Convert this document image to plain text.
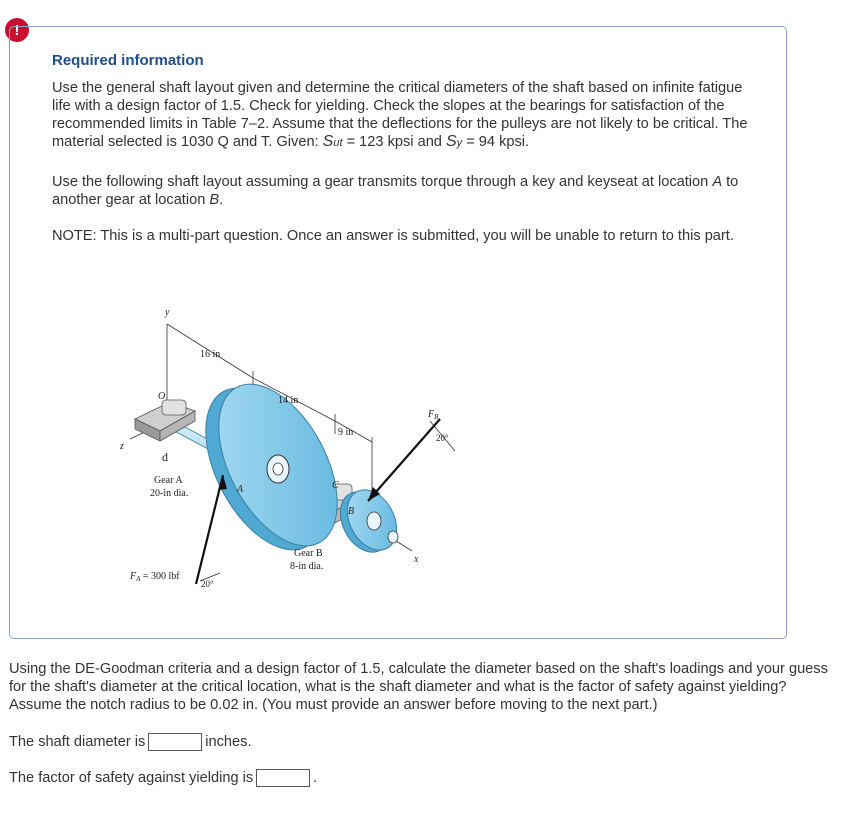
!
Required information
Use the general shaft layout given and determine the critical diameters of the shaft based on infinite fatigue life with a design factor of 1.5. Check for yielding. Check the slopes at the bearings for satisfaction of the recommended limits in Table 7–2. Assume that the deflections for the pulleys are not likely to be critical. The material selected is 1030 Q and T. Given: Sut = 123 kpsi and Sy = 94 kpsi.
Use the following shaft layout assuming a gear transmits torque through a key and keyseat at location A to another gear at location B.
NOTE: This is a multi-part question. Once an answer is submitted, you will be unable to return to this part.
y
O
z
x
d
16 in
14 in
9 in
Gear A
20-in dia.	A	C
B
Gear B
8-in dia.
$F_A = 300$ lbf
20°
$F_B$
20°
Using the DE-Goodman criteria and a design factor of 1.5, calculate the diameter based on the shaft's loadings and your guess for the shaft's diameter at the critical location, what is the shaft diameter and what is the factor of safety against yielding? Assume the notch radius to be 0.02 in. (You must provide an answer before moving to the next part.)
The shaft diameter is	inches.
The factor of safety against yielding is	.
